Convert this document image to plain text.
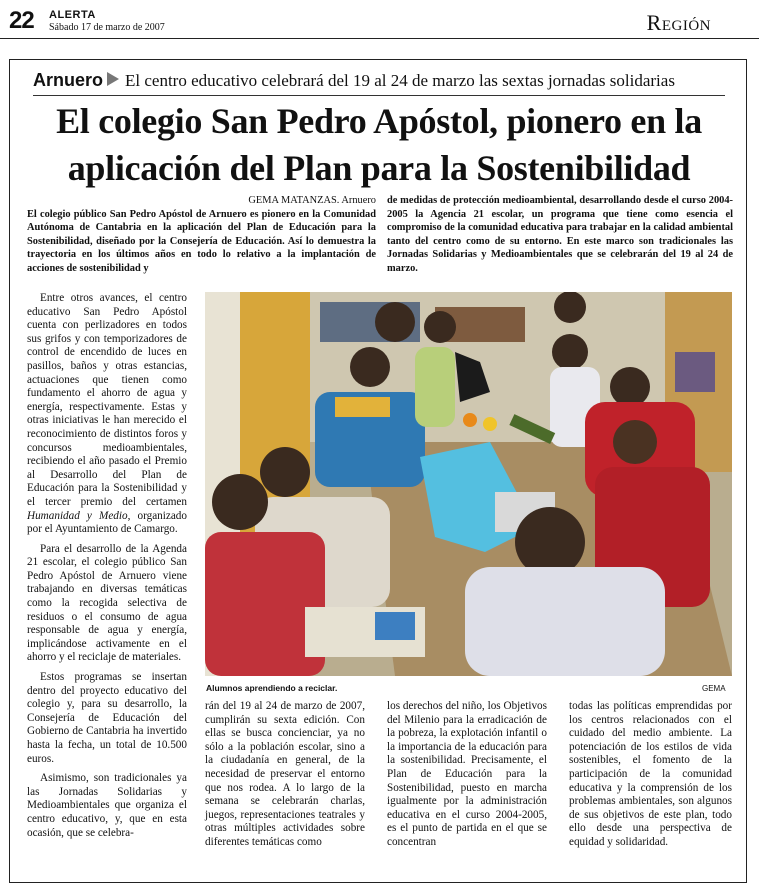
22 ALERTA
Sábado 17 de marzo de 2007	Región
Arnuero El centro educativo celebrará del 19 al 24 de marzo las sextas jornadas solidarias
El colegio San Pedro Apóstol, pionero en la
aplicación del Plan para la Sostenibilidad
GEMA MATANZAS. Arnuero
El colegio público San Pedro Apóstol de Arnuero es pionero en la Comunidad Autónoma de Cantabria en la aplicación del Plan de Educación para la Sostenibilidad, diseñado por la Consejería de Educación. Así lo demuestra la trayectoria en los últimos años en todo lo relativo a la implantación de acciones de sostenibilidad y
de medidas de protección medioambiental, desarrollando desde el curso 2004-2005 la Agencia 21 escolar, un programa que tiene como esencia el compromiso de la comunidad educativa para trabajar en la calidad ambiental tanto del centro como de su entorno. En este marco son tradicionales las Jornadas Solidarias y Medioambientales que se celebrarán del 19 al 24 de marzo.

Entre otros avances, el centro educativo San Pedro Apóstol cuenta con perlizadores en todos sus grifos y con temporizadores de control de encendido de luces en pasillos, baños y otras estancias, actuaciones que tienen como fundamento el ahorro de agua y energía, respectivamente. Estas y otras iniciativas le han merecido el reconocimiento de distintos foros y concursos medioambientales, recibiendo el año pasado el Premio al Desarrollo del Plan de Educación para la Sostenibilidad y el tercer premio del certamen Humanidad y Medio, organizado por el Ayuntamiento de Camargo.

Para el desarrollo de la Agenda 21 escolar, el colegio público San Pedro Apóstol de Arnuero viene trabajando en diversas temáticas como la recogida selectiva de residuos o el consumo de agua responsable de agua y energía, implicándose activamente en el ahorro y el reciclaje de materiales.

Estos programas se insertan dentro del proyecto educativo del colegio y, para su desarrollo, la Consejería de Educación del Gobierno de Cantabria ha invertido hasta la fecha, un total de 10.500 euros.

Asimismo, son tradicionales ya las Jornadas Solidarias y Medioambientales que organiza el centro educativo, y, que en esta ocasión, que se celebra-

Alumnos aprendiendo a reciclar.	GEMA
rán del 19 al 24 de marzo de 2007, cumplirán su sexta edición. Con ellas se busca concienciar, ya no sólo a la población escolar, sino a la ciudadanía en general, de la necesidad de preservar el entorno que nos rodea. A lo largo de la semana se celebrarán charlas, juegos, representaciones teatrales y otras múltiples actividades sobre diferentes temáticas como
los derechos del niño, los Objetivos del Milenio para la erradicación de la pobreza, la explotación infantil o la importancia de la educación para la sostenibilidad. Precisamente, el Plan de Educación para la Sostenibilidad, puesto en marcha igualmente por la administración educativa en el curso 2004-2005, es el punto de partida en el que se concentran
todas las políticas emprendidas por los centros relacionados con el cuidado del medio ambiente. La potenciación de los estilos de vida sostenibles, el fomento de la participación de la comunidad educativa y la comprensión de los problemas ambientales, son algunos de sus objetivos de este plan, todo ello desde una perspectiva de equidad y solidaridad.
